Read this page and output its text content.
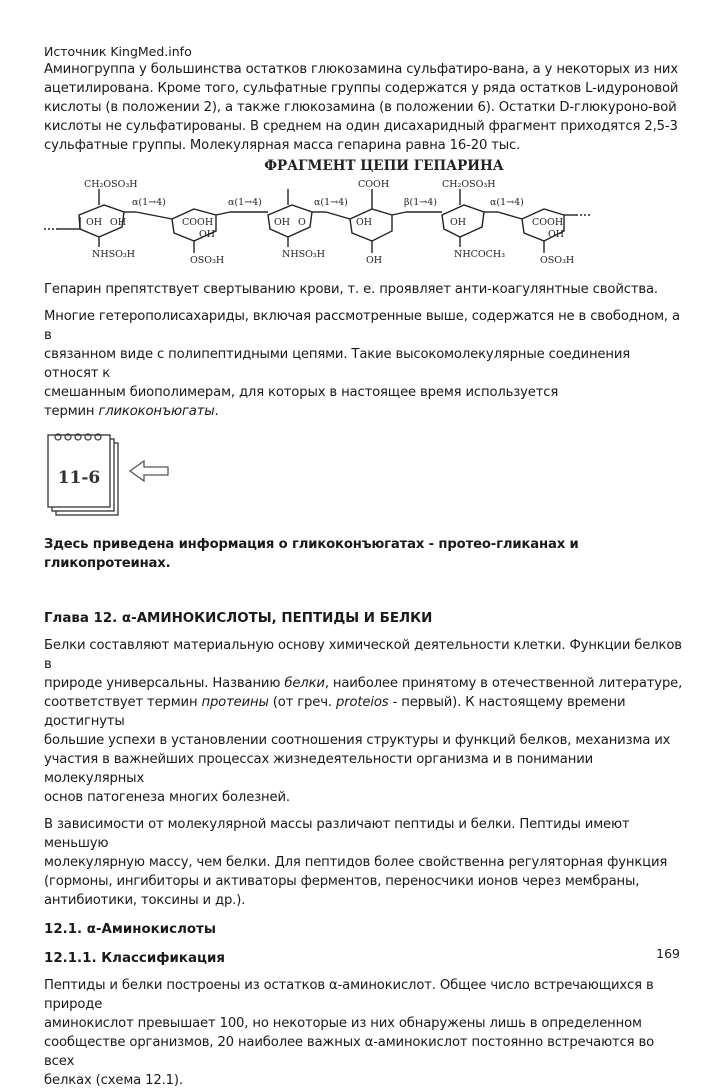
Источник KingMed.info

Аминогруппа у большинства остатков глюкозамина сульфатиро-вана, а у некоторых из них

ацетилирована. Кроме того, сульфатные группы содержатся у ряда остатков L-идуроновой

кислоты (в положении 2), а также глюкозамина (в положении 6). Остатки D-глюкуроно-вой

кислоты не сульфатированы. В среднем на один дисахаридный фрагмент приходятся 2,5-3

сульфатные группы. Молекулярная масса гепарина равна 16-20 тыс.

ФРАГМЕНТ ЦЕПИ ГЕПАРИНА
CH₂OSO₃H	COOH	CH₂OSO₃H
α(1→4)	α(1→4)	α(1→4)	β(1→4)	α(1→4)
OH OH	COOH
OH
OH O	OH	OH	COOH
OH
NHSO₃H
OSO₃H
NHSO₃H
OH
NHCOCH₃
OSO₃H

Гепарин препятствует свертыванию крови, т. е. проявляет анти-коагулянтные свойства.

Многие гетерополисахариды, включая рассмотренные выше, содержатся не в свободном, а в

связанном виде с полипептидными цепями. Такие высокомолекулярные соединения относят к

смешанным биополимерам, для которых в настоящее время используется

термин гликоконъюгаты.

11-6

Здесь приведена информация о гликоконъюгатах - протео-гликанах и гликопротеинах.

Глава 12. α-АМИНОКИСЛОТЫ, ПЕПТИДЫ И БЕЛКИ

Белки составляют материальную основу химической деятельности клетки. Функции белков в

природе универсальны. Названию белки, наиболее принятому в отечественной литературе,

соответствует термин протеины (от греч. proteios - первый). К настоящему времени достигнуты

большие успехи в установлении соотношения структуры и функций белков, механизма их

участия в важнейших процессах жизнедеятельности организма и в понимании молекулярных

основ патогенеза многих болезней.

В зависимости от молекулярной массы различают пептиды и белки. Пептиды имеют меньшую

молекулярную массу, чем белки. Для пептидов более свойственна регуляторная функция

(гормоны, ингибиторы и активаторы ферментов, переносчики ионов через мембраны,

антибиотики, токсины и др.).

12.1. α-Аминокислоты

12.1.1. Классификация

Пептиды и белки построены из остатков α-аминокислот. Общее число встречающихся в природе

аминокислот превышает 100, но некоторые из них обнаружены лишь в определенном

сообществе организмов, 20 наиболее важных α-аминокислот постоянно встречаются во всех

белках (схема 12.1).

169
